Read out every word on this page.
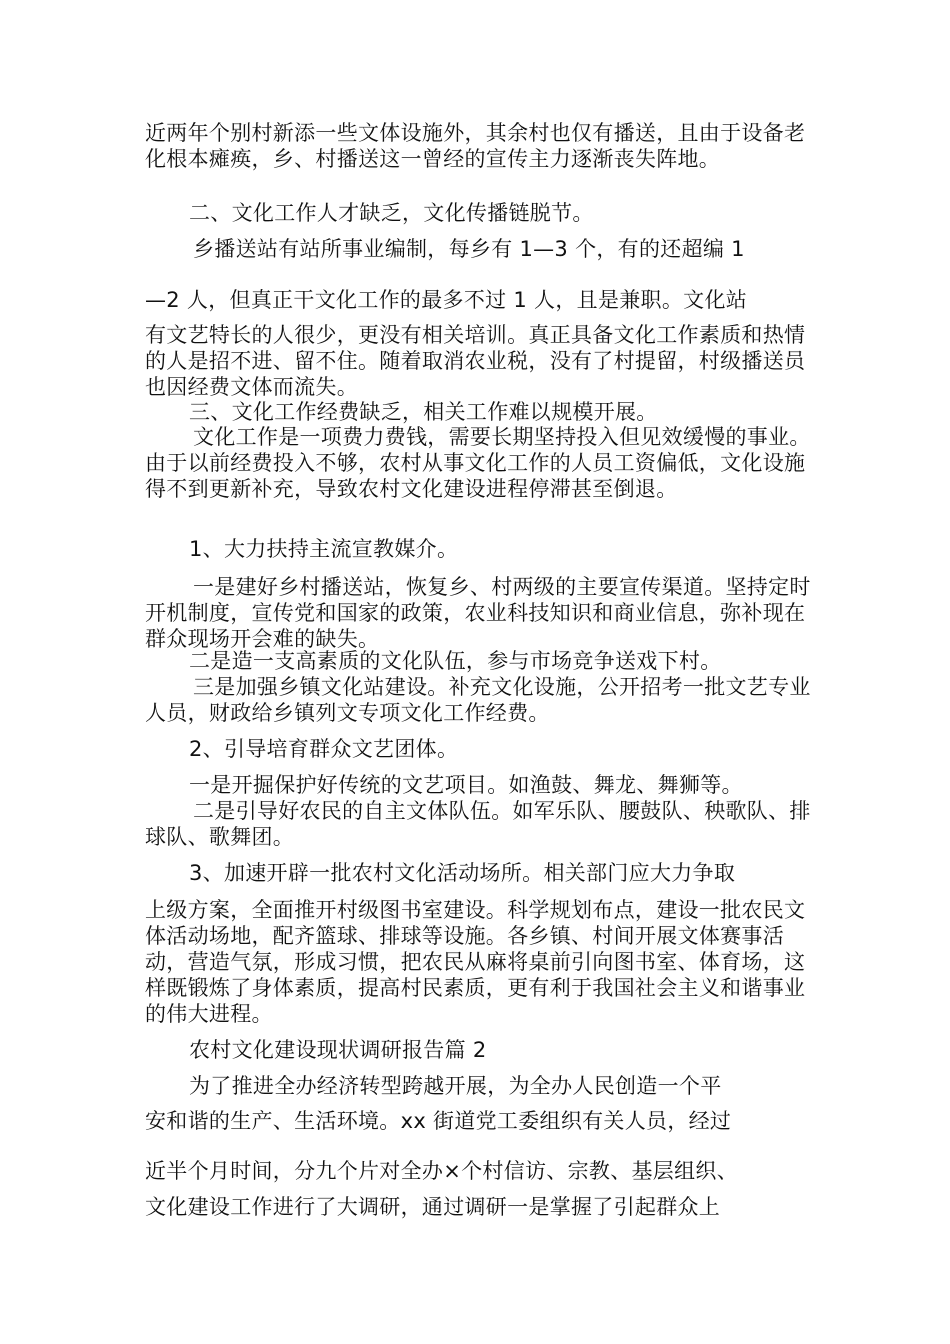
近两年个别村新添一些文体设施外，其余村也仅有播送，且由于设备老化根本瘫痪，乡、村播送这一曾经的宣传主力逐渐丧失阵地。

二、文化工作人才缺乏，文化传播链脱节。

乡播送站有站所事业编制，每乡有 1—3 个，有的还超编 1

—2 人，但真正干文化工作的最多不过 1 人，且是兼职。文化站

有文艺特长的人很少，更没有相关培训。真正具备文化工作素质和热情的人是招不进、留不住。随着取消农业税，没有了村提留，村级播送员也因经费文体而流失。

三、文化工作经费缺乏，相关工作难以规模开展。

文化工作是一项费力费钱，需要长期坚持投入但见效缓慢的事业。由于以前经费投入不够，农村从事文化工作的人员工资偏低，文化设施得不到更新补充，导致农村文化建设进程停滞甚至倒退。

1、大力扶持主流宣教媒介。

一是建好乡村播送站，恢复乡、村两级的主要宣传渠道。坚持定时开机制度，宣传党和国家的政策，农业科技知识和商业信息，弥补现在群众现场开会难的缺失。

二是造一支高素质的文化队伍，参与市场竞争送戏下村。

三是加强乡镇文化站建设。补充文化设施，公开招考一批文艺专业人员，财政给乡镇列文专项文化工作经费。

2、引导培育群众文艺团体。

一是开掘保护好传统的文艺项目。如渔鼓、舞龙、舞狮等。

二是引导好农民的自主文体队伍。如军乐队、腰鼓队、秧歌队、排球队、歌舞团。

3、加速开辟一批农村文化活动场所。相关部门应大力争取

上级方案，全面推开村级图书室建设。科学规划布点，建设一批农民文体活动场地，配齐篮球、排球等设施。各乡镇、村间开展文体赛事活动，营造气氛，形成习惯，把农民从麻将桌前引向图书室、体育场，这样既锻炼了身体素质，提高村民素质，更有利于我国社会主义和谐事业的伟大进程。

农村文化建设现状调研报告篇 2

为了推进全办经济转型跨越开展，为全办人民创造一个平

安和谐的生产、生活环境。xx 街道党工委组织有关人员，经过

近半个月时间，分九个片对全办×个村信访、宗教、基层组织、

文化建设工作进行了大调研，通过调研一是掌握了引起群众上
